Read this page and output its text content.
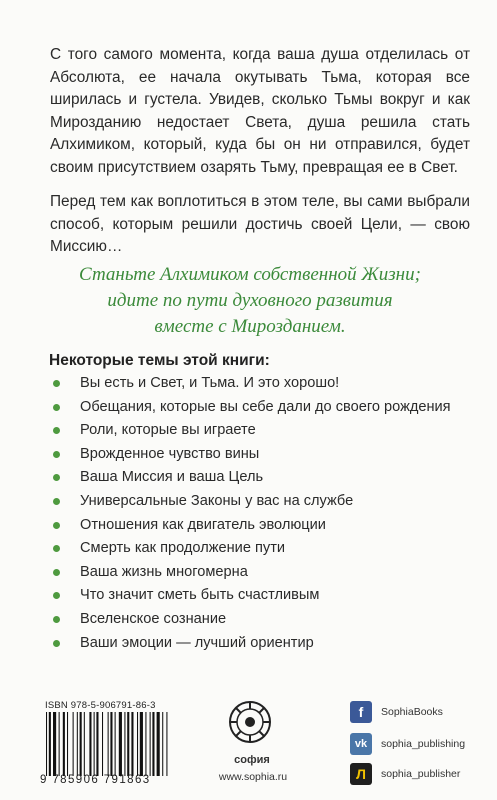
С того самого момента, когда ваша душа отделилась от Абсолюта, ее начала окутывать Тьма, которая все ширилась и густела. Увидев, сколько Тьмы вокруг и как Мирозданию недостает Света, душа решила стать Алхимиком, который, куда бы он ни отправился, будет своим присутствием озарять Тьму, превращая ее в Свет.

Перед тем как воплотиться в этом теле, вы сами выбрали способ, которым решили достичь своей Цели, — свою Миссию…

Станьте Алхимиком собственной Жизни;
идите по пути духовного развития
вместе с Мирозданием.
Некоторые темы этой книги:
Вы есть и Свет, и Тьма. И это хорошо!
Обещания, которые вы себе дали до своего рождения
Роли, которые вы играете
Врожденное чувство вины
Ваша Миссия и ваша Цель
Универсальные Законы у вас на службе
Отношения как двигатель эволюции
Смерть как продолжение пути
Ваша жизнь многомерна
Что значит сметь быть счастливым
Вселенское сознание
Ваши эмоции — лучший ориентир
ISBN 978-5-906791-86-3
9 785906 791863
софия
www.sophia.ru
f	SophiaBooks
vk	sophia_publishing
Л	sophia_publisher
